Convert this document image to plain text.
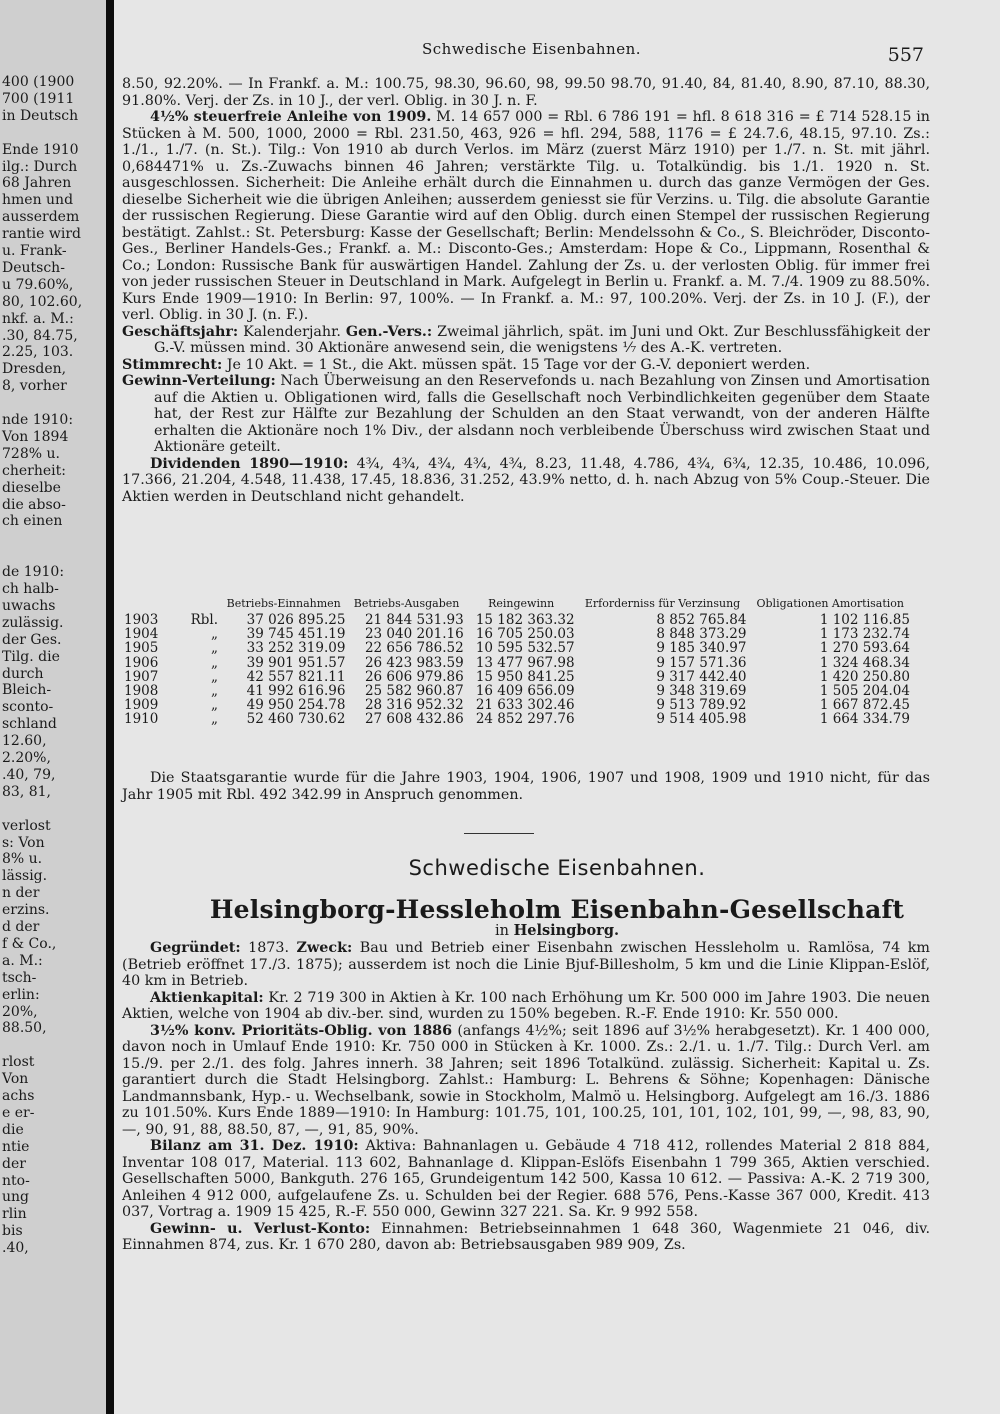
400 (1900
700 (1911
in Deutsch
Ende 1910
ilg.: Durch
68 Jahren
hmen und
ausserdem
rantie wird
u. Frank-
Deutsch-
u 79.60%,
80, 102.60,
nkf. a. M.:
.30, 84.75,
2.25, 103.
Dresden,
8, vorher
nde 1910:
Von 1894
728% u.
cherheit:
dieselbe
die abso-
ch einen
de 1910:
ch halb-
uwachs
zulässig.
der Ges.
Tilg. die
durch
Bleich-
sconto-
schland
12.60,
2.20%,
.40, 79,
83, 81,
verlost
s: Von
8% u.
lässig.
n der
erzins.
d der
f & Co.,
a. M.:
tsch-
erlin:
20%,
88.50,
rlost
Von
achs
e er-
die
ntie
der
nto-
ung
rlin
bis
.40,
Schwedische Eisenbahnen.	557

8.50, 92.20%. — In Frankf. a. M.: 100.75, 98.30, 96.60, 98, 99.50 98.70, 91.40, 84, 81.40, 8.90, 87.10, 88.30, 91.80%. Verj. der Zs. in 10 J., der verl. Oblig. in 30 J. n. F.

4½% steuerfreie Anleihe von 1909. M. 14 657 000 = Rbl. 6 786 191 = hfl. 8 618 316 = £ 714 528.15 in Stücken à M. 500, 1000, 2000 = Rbl. 231.50, 463, 926 = hfl. 294, 588, 1176 = £ 24.7.6, 48.15, 97.10. Zs.: 1./1., 1./7. (n. St.). Tilg.: Von 1910 ab durch Verlos. im März (zuerst März 1910) per 1./7. n. St. mit jährl. 0,684471% u. Zs.-Zuwachs binnen 46 Jahren; verstärkte Tilg. u. Totalkündig. bis 1./1. 1920 n. St. ausgeschlossen. Sicherheit: Die Anleihe erhält durch die Einnahmen u. durch das ganze Vermögen der Ges. dieselbe Sicherheit wie die übrigen Anleihen; ausserdem geniesst sie für Verzins. u. Tilg. die absolute Garantie der russischen Regierung. Diese Garantie wird auf den Oblig. durch einen Stempel der russischen Regierung bestätigt. Zahlst.: St. Petersburg: Kasse der Gesellschaft; Berlin: Mendelssohn & Co., S. Bleichröder, Disconto-Ges., Berliner Handels-Ges.; Frankf. a. M.: Disconto-Ges.; Amsterdam: Hope & Co., Lippmann, Rosenthal & Co.; London: Russische Bank für auswärtigen Handel. Zahlung der Zs. u. der verlosten Oblig. für immer frei von jeder russischen Steuer in Deutschland in Mark. Aufgelegt in Berlin u. Frankf. a. M. 7./4. 1909 zu 88.50%. Kurs Ende 1909—1910: In Berlin: 97, 100%. — In Frankf. a. M.: 97, 100.20%. Verj. der Zs. in 10 J. (F.), der verl. Oblig. in 30 J. (n. F.).

Geschäftsjahr: Kalenderjahr. Gen.-Vers.: Zweimal jährlich, spät. im Juni und Okt. Zur Beschlussfähigkeit der G.-V. müssen mind. 30 Aktionäre anwesend sein, die wenigstens ⅐ des A.-K. vertreten.

Stimmrecht: Je 10 Akt. = 1 St., die Akt. müssen spät. 15 Tage vor der G.-V. deponiert werden.

Gewinn-Verteilung: Nach Überweisung an den Reservefonds u. nach Bezahlung von Zinsen und Amortisation auf die Aktien u. Obligationen wird, falls die Gesellschaft noch Verbindlichkeiten gegenüber dem Staate hat, der Rest zur Hälfte zur Bezahlung der Schulden an den Staat verwandt, von der anderen Hälfte erhalten die Aktionäre noch 1% Div., der alsdann noch verbleibende Überschuss wird zwischen Staat und Aktionäre geteilt.

Dividenden 1890—1910: 4¾, 4¾, 4¾, 4¾, 4¾, 8.23, 11.48, 4.786, 4¾, 6¾, 12.35, 10.486, 10.096, 17.366, 21.204, 4.548, 11.438, 17.45, 18.836, 31.252, 43.9% netto, d. h. nach Abzug von 5% Coup.-Steuer. Die Aktien werden in Deutschland nicht gehandelt.

		Betriebs-Einnahmen	Betriebs-Ausgaben	Reingewinn	Erforderniss für Verzinsung	Obligationen Amortisation
1903	Rbl.	37 026 895.25	21 844 531.93	15 182 363.32	8 852 765.84	1 102 116.85
1904	„	39 745 451.19	23 040 201.16	16 705 250.03	8 848 373.29	1 173 232.74
1905	„	33 252 319.09	22 656 786.52	10 595 532.57	9 185 340.97	1 270 593.64
1906	„	39 901 951.57	26 423 983.59	13 477 967.98	9 157 571.36	1 324 468.34
1907	„	42 557 821.11	26 606 979.86	15 950 841.25	9 317 442.40	1 420 250.80
1908	„	41 992 616.96	25 582 960.87	16 409 656.09	9 348 319.69	1 505 204.04
1909	„	49 950 254.78	28 316 952.32	21 633 302.46	9 513 789.92	1 667 872.45
1910	„	52 460 730.62	27 608 432.86	24 852 297.76	9 514 405.98	1 664 334.79

Die Staatsgarantie wurde für die Jahre 1903, 1904, 1906, 1907 und 1908, 1909 und 1910 nicht, für das Jahr 1905 mit Rbl. 492 342.99 in Anspruch genommen.

Schwedische Eisenbahnen.
Helsingborg-Hessleholm Eisenbahn-Gesellschaft
in Helsingborg.

Gegründet: 1873. Zweck: Bau und Betrieb einer Eisenbahn zwischen Hessleholm u. Ramlösa, 74 km (Betrieb eröffnet 17./3. 1875); ausserdem ist noch die Linie Bjuf-Billesholm, 5 km und die Linie Klippan-Eslöf, 40 km in Betrieb.

Aktienkapital: Kr. 2 719 300 in Aktien à Kr. 100 nach Erhöhung um Kr. 500 000 im Jahre 1903. Die neuen Aktien, welche von 1904 ab div.-ber. sind, wurden zu 150% begeben. R.-F. Ende 1910: Kr. 550 000.

3½% konv. Prioritäts-Oblig. von 1886 (anfangs 4½%; seit 1896 auf 3½% herabgesetzt). Kr. 1 400 000, davon noch in Umlauf Ende 1910: Kr. 750 000 in Stücken à Kr. 1000. Zs.: 2./1. u. 1./7. Tilg.: Durch Verl. am 15./9. per 2./1. des folg. Jahres innerh. 38 Jahren; seit 1896 Totalkünd. zulässig. Sicherheit: Kapital u. Zs. garantiert durch die Stadt Helsingborg. Zahlst.: Hamburg: L. Behrens & Söhne; Kopenhagen: Dänische Landmannsbank, Hyp.- u. Wechselbank, sowie in Stockholm, Malmö u. Helsingborg. Aufgelegt am 16./3. 1886 zu 101.50%. Kurs Ende 1889—1910: In Hamburg: 101.75, 101, 100.25, 101, 101, 102, 101, 99, —, 98, 83, 90, —, 90, 91, 88, 88.50, 87, —, 91, 85, 90%.

Bilanz am 31. Dez. 1910: Aktiva: Bahnanlagen u. Gebäude 4 718 412, rollendes Material 2 818 884, Inventar 108 017, Material. 113 602, Bahnanlage d. Klippan-Eslöfs Eisenbahn 1 799 365, Aktien verschied. Gesellschaften 5000, Bankguth. 276 165, Grundeigentum 142 500, Kassa 10 612. — Passiva: A.-K. 2 719 300, Anleihen 4 912 000, aufgelaufene Zs. u. Schulden bei der Regier. 688 576, Pens.-Kasse 367 000, Kredit. 413 037, Vortrag a. 1909 15 425, R.-F. 550 000, Gewinn 327 221. Sa. Kr. 9 992 558.

Gewinn- u. Verlust-Konto: Einnahmen: Betriebseinnahmen 1 648 360, Wagenmiete 21 046, div. Einnahmen 874, zus. Kr. 1 670 280, davon ab: Betriebsausgaben 989 909, Zs.
